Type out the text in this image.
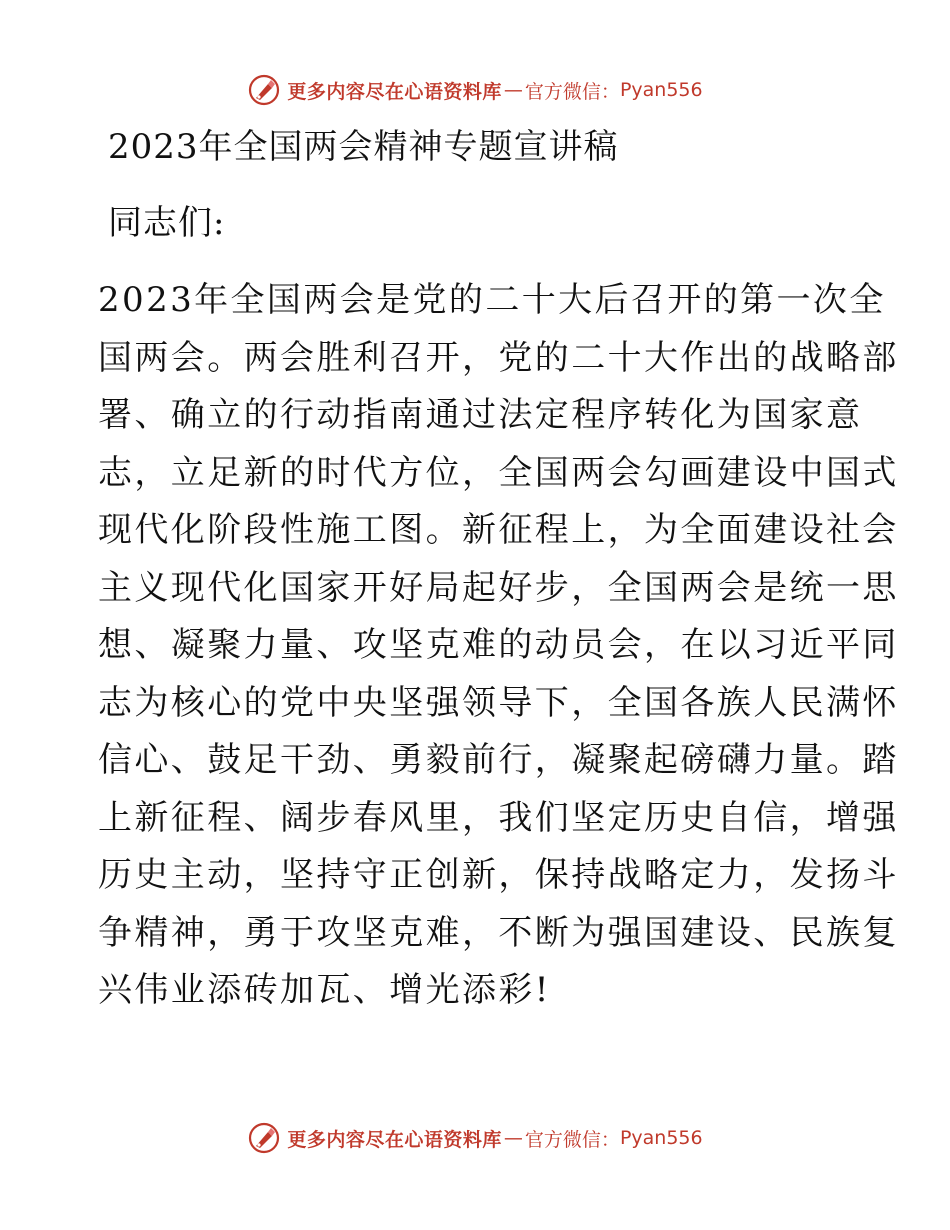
更多内容尽在心语资料库 — 官方微信： Pyan556
2023年全国两会精神专题宣讲稿
同志们:
2023年全国两会是党的二十大后召开的第一次全
国两会。两会胜利召开，党的二十大作出的战略部
署、确立的行动指南通过法定程序转化为国家意
志，立足新的时代方位，全国两会勾画建设中国式
现代化阶段性施工图。新征程上，为全面建设社会
主义现代化国家开好局起好步，全国两会是统一思
想、凝聚力量、攻坚克难的动员会，在以习近平同
志为核心的党中央坚强领导下，全国各族人民满怀
信心、鼓足干劲、勇毅前行，凝聚起磅礴力量。踏
上新征程、阔步春风里，我们坚定历史自信，增强
历史主动，坚持守正创新，保持战略定力，发扬斗
争精神，勇于攻坚克难，不断为强国建设、民族复
兴伟业添砖加瓦、增光添彩!
更多内容尽在心语资料库 — 官方微信： Pyan556
